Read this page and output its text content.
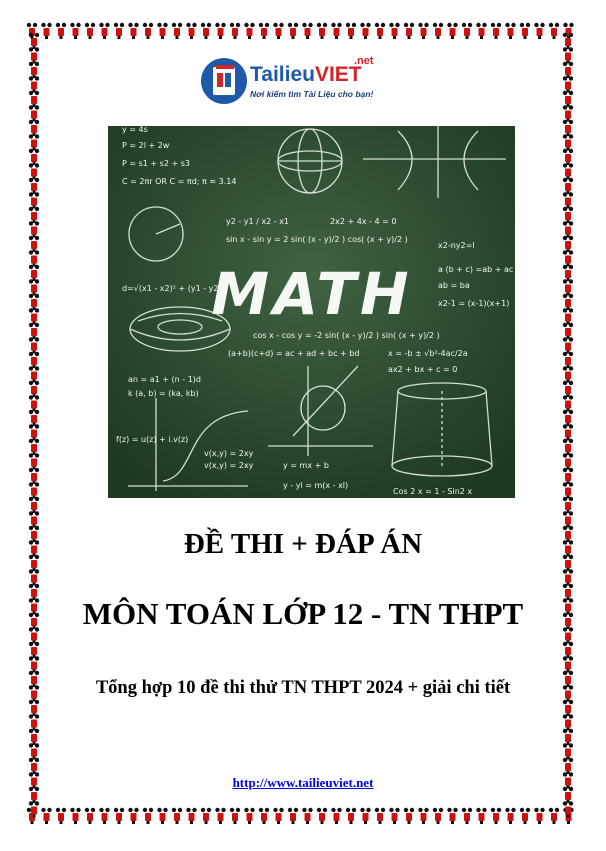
TailieuVIET
.net
Nơi kiếm tìm Tài Liệu cho bạn!
y = 4s
P = 2l + 2w
P = s1 + s2 + s3
C = 2πr OR C = πd; π ≈ 3.14
y2 - y1 / x2 - x1	2x2 + 4x - 4 = 0
sin x - sin y = 2 sin( (x - y)/2 ) cos( (x + y)/2 )
x2-ny2=l
d=√(x1 - x2)² + (y1 - y2)²
a (b + c) =ab + ac
ab = ba
x2-1 = (x-1)(x+1)
cos x - cos y = -2 sin( (x - y)/2 ) sin( (x + y)/2 )
(a+b)(c+d) = ac + ad + bc + bd	x = -b ± √b²-4ac/2a
ax2 + bx + c = 0
an = a1 + (n - 1)d
k (a, b) = (ka, kb)
f(z) = u(z) + i.v(z)
v(x,y) = 2xy
v(x,y) = 2xy	y = mx + b
y - yl = m(x - xl)
Cos 2 x = 1 - Sin2 x
MATH
ĐỀ THI + ĐÁP ÁN
MÔN TOÁN LỚP 12 - TN THPT
Tổng hợp 10 đề thi thử TN THPT 2024 + giải chi tiết
http://www.tailieuviet.net
